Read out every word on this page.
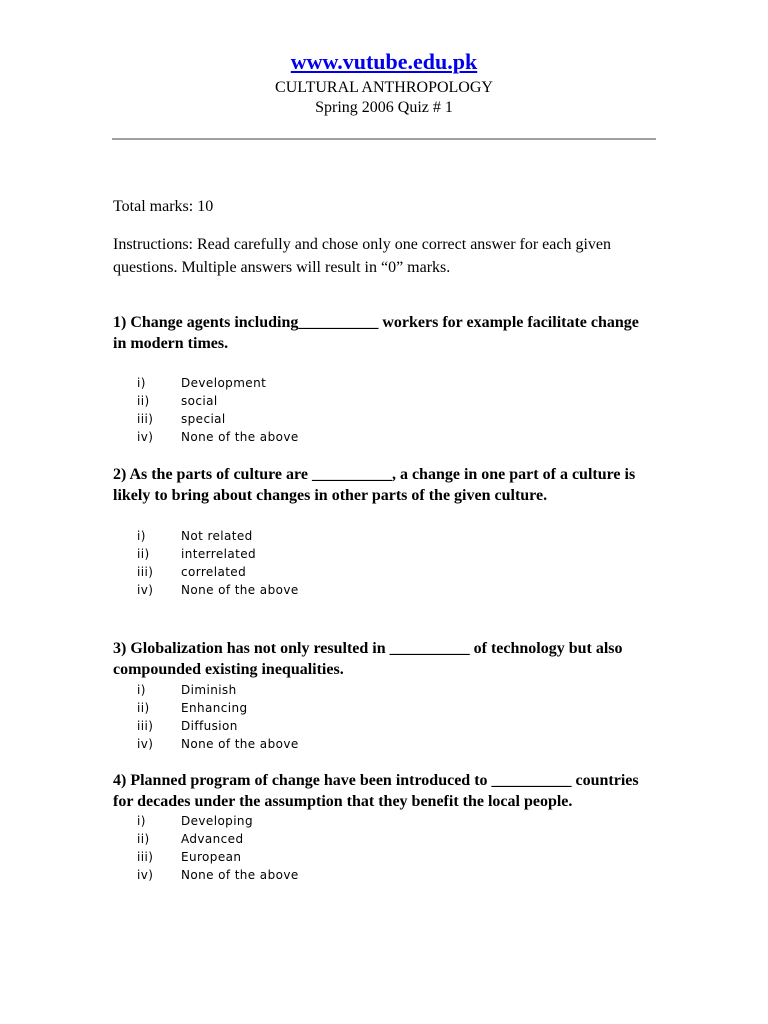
www.vutube.edu.pk
CULTURAL ANTHROPOLOGY
Spring 2006 Quiz # 1
Total marks: 10
Instructions: Read carefully and chose only one correct answer for each given questions. Multiple answers will result in “0” marks.
1) Change agents including__________ workers for example facilitate change in modern times.
i)	Development
ii)	social
iii) special
iv) None of the above
2) As the parts of culture are __________, a change in one part of a culture is likely to bring about changes in other parts of the given culture.
i)	Not related
ii)	interrelated
iii) correlated
iv) None of the above
3) Globalization has not only resulted in __________ of technology but also compounded existing inequalities.
i)	Diminish
ii)	Enhancing
iii) Diffusion
iv) None of the above
4) Planned program of change have been introduced to __________ countries for decades under the assumption that they benefit the local people.
i)	Developing
ii)	Advanced
iii) European
iv) None of the above
